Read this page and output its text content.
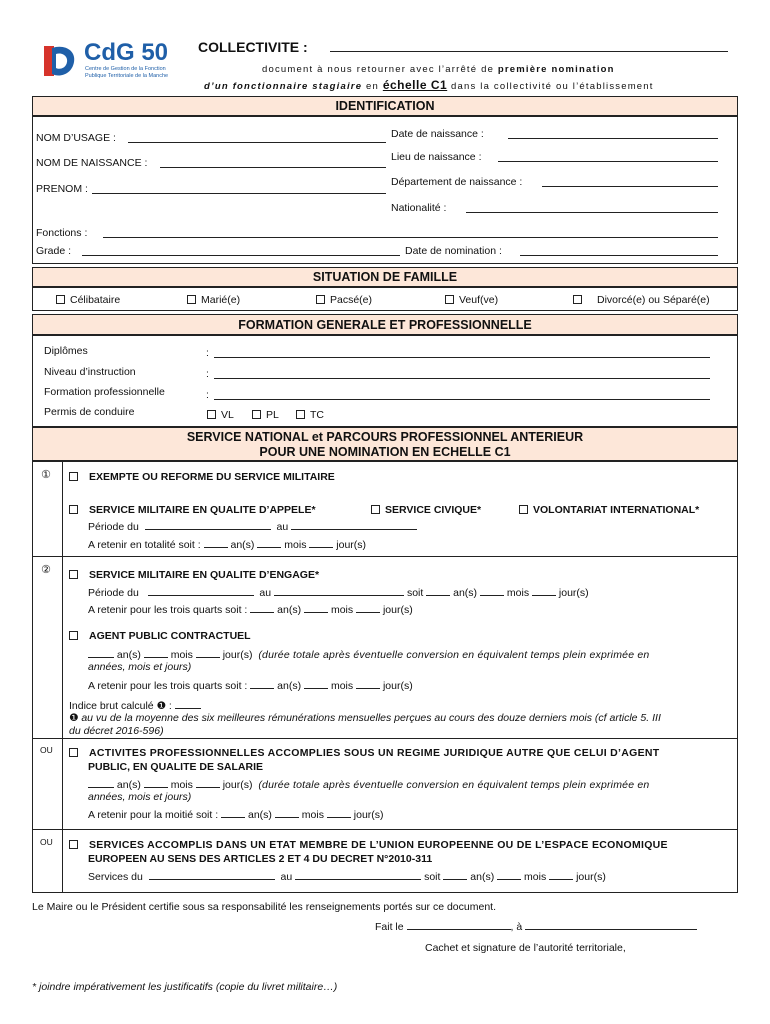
CdG 50
Centre de Gestion de la Fonction
Publique Territoriale de la Manche
COLLECTIVITE :
document à nous retourner avec l’arrêté de première nomination
d’un fonctionnaire stagiaire en échelle C1 dans la collectivité ou l’établissement
IDENTIFICATION
NOM D’USAGE :
NOM DE NAISSANCE :
PRENOM :
Date de naissance :
Lieu de naissance :
Département de naissance :
Nationalité :
Fonctions :
Grade :	Date de nomination :
SITUATION DE FAMILLE
Célibataire	Marié(e)	Pacsé(e)	Veuf(ve)	Divorcé(e) ou Séparé(e)
FORMATION GENERALE ET PROFESSIONNELLE
Diplômes	:
Niveau d’instruction	:
Formation professionnelle	:
Permis de conduire	VL	PL	TC
SERVICE NATIONAL et PARCOURS PROFESSIONNEL ANTERIEUR
POUR UNE NOMINATION EN ECHELLE C1
①
②
OU
OU
EXEMPTE OU REFORME DU SERVICE MILITAIRE
SERVICE MILITAIRE EN QUALITE D’APPELE*	SERVICE CIVIQUE*	VOLONTARIAT INTERNATIONAL*
Période du	au
A retenir en totalité soit :	an(s)	mois	jour(s)
SERVICE MILITAIRE EN QUALITE D’ENGAGE*
Période du	au	soit	an(s)	mois	jour(s)
A retenir pour les trois quarts soit :	an(s)	mois	jour(s)
AGENT PUBLIC CONTRACTUEL
an(s)	mois	jour(s) (durée totale après éventuelle conversion en équivalent temps plein exprimée en
années, mois et jours)
A retenir pour les trois quarts soit :	an(s)	mois	jour(s)
Indice brut calculé ❶ :
❶ au vu de la moyenne des six meilleures rémunérations mensuelles perçues au cours des douze derniers mois (cf article 5. III
du décret 2016-596)
ACTIVITES PROFESSIONNELLES ACCOMPLIES SOUS UN REGIME JURIDIQUE AUTRE QUE CELUI D’AGENT
PUBLIC, EN QUALITE DE SALARIE
an(s)	mois	jour(s) (durée totale après éventuelle conversion en équivalent temps plein exprimée en
années, mois et jours)
A retenir pour la moitié soit :	an(s)	mois	jour(s)
SERVICES ACCOMPLIS DANS UN ETAT MEMBRE DE L’UNION EUROPEENNE OU DE L’ESPACE ECONOMIQUE
EUROPEEN AU SENS DES ARTICLES 2 ET 4 DU DECRET N°2010-311
Services du	au	soit	an(s)	mois	jour(s)
Le Maire ou le Président certifie sous sa responsabilité les renseignements portés sur ce document.
Fait le	, à
Cachet et signature de l’autorité territoriale,
* joindre impérativement les justificatifs (copie du livret militaire…)
